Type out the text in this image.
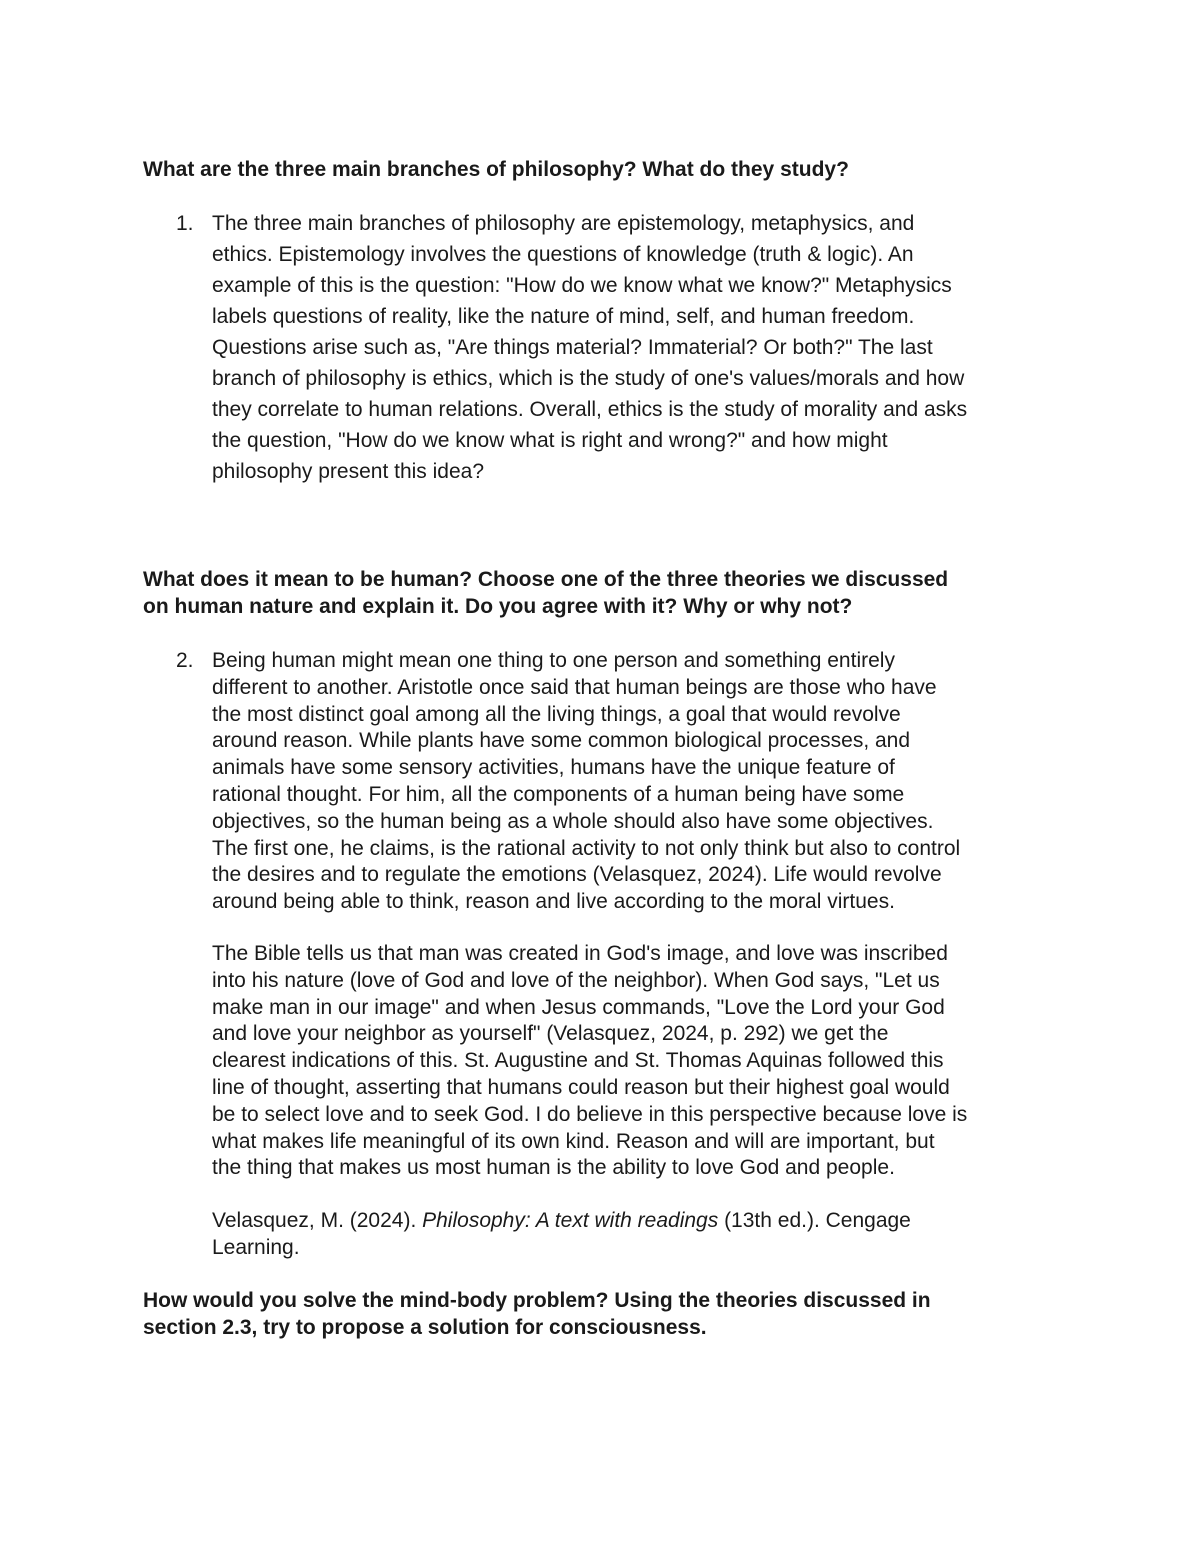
What are the three main branches of philosophy? What do they study?

1. The three main branches of philosophy are epistemology, metaphysics, and
ethics. Epistemology involves the questions of knowledge (truth & logic). An
example of this is the question: "How do we know what we know?" Metaphysics
labels questions of reality, like the nature of mind, self, and human freedom.
Questions arise such as, "Are things material? Immaterial? Or both?" The last
branch of philosophy is ethics, which is the study of one's values/morals and how
they correlate to human relations. Overall, ethics is the study of morality and asks
the question, "How do we know what is right and wrong?" and how might
philosophy present this idea?

What does it mean to be human? Choose one of the three theories we discussed
on human nature and explain it. Do you agree with it? Why or why not?

2. Being human might mean one thing to one person and something entirely
different to another. Aristotle once said that human beings are those who have
the most distinct goal among all the living things, a goal that would revolve
around reason. While plants have some common biological processes, and
animals have some sensory activities, humans have the unique feature of
rational thought. For him, all the components of a human being have some
objectives, so the human being as a whole should also have some objectives.
The first one, he claims, is the rational activity to not only think but also to control
the desires and to regulate the emotions (Velasquez, 2024). Life would revolve
around being able to think, reason and live according to the moral virtues.

The Bible tells us that man was created in God's image, and love was inscribed
into his nature (love of God and love of the neighbor). When God says, "Let us
make man in our image" and when Jesus commands, "Love the Lord your God
and love your neighbor as yourself" (Velasquez, 2024, p. 292) we get the
clearest indications of this. St. Augustine and St. Thomas Aquinas followed this
line of thought, asserting that humans could reason but their highest goal would
be to select love and to seek God. I do believe in this perspective because love is
what makes life meaningful of its own kind. Reason and will are important, but
the thing that makes us most human is the ability to love God and people.

Velasquez, M. (2024). Philosophy: A text with readings (13th ed.). Cengage
Learning.

How would you solve the mind-body problem? Using the theories discussed in
section 2.3, try to propose a solution for consciousness.
